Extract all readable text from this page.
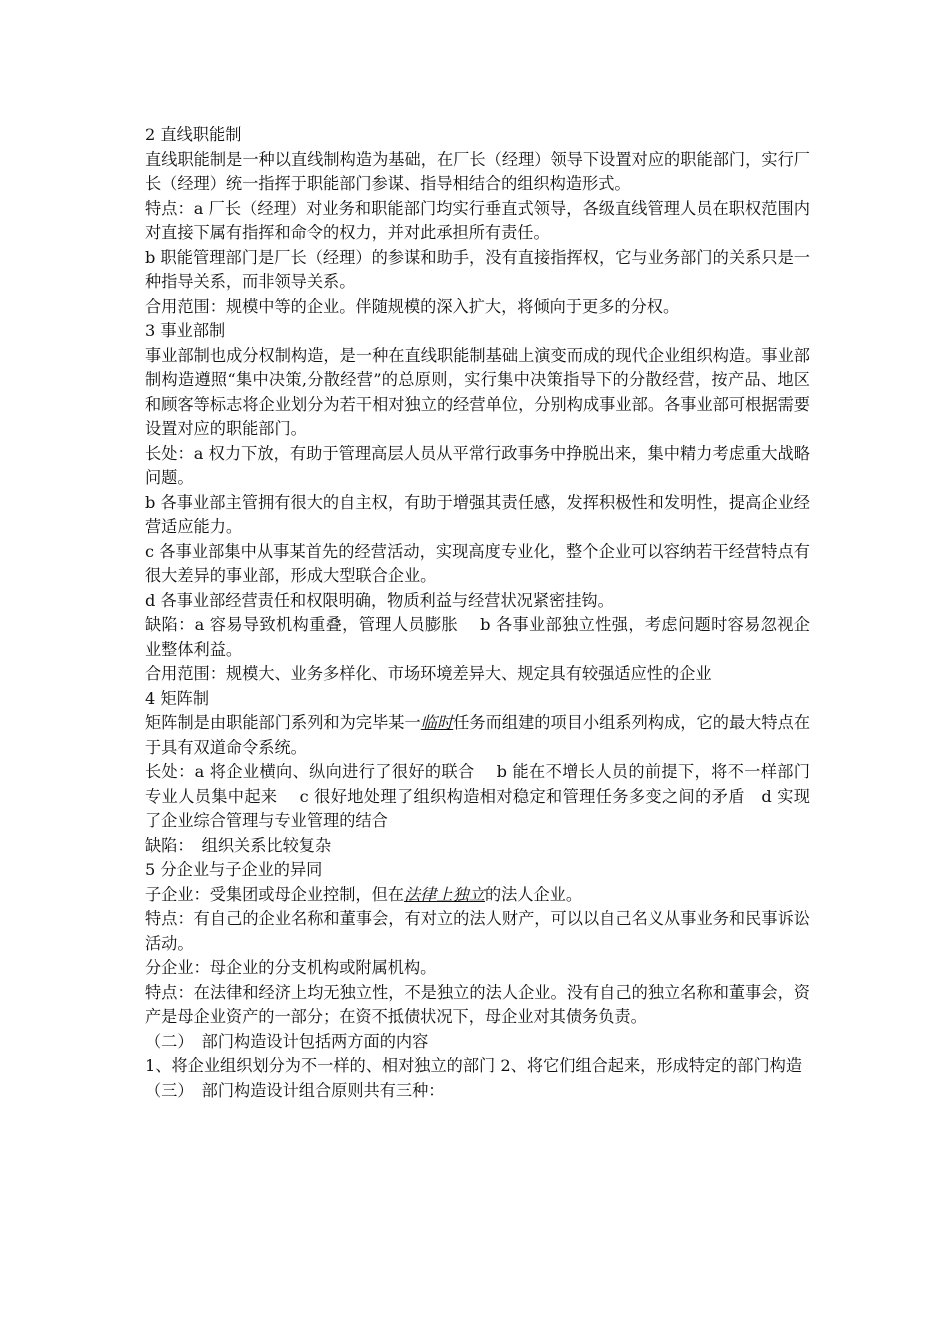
2 直线职能制

直线职能制是一种以直线制构造为基础，在厂长（经理）领导下设置对应的职能部门，实行厂长（经理）统一指挥于职能部门参谋、指导相结合的组织构造形式。

特点：a 厂长（经理）对业务和职能部门均实行垂直式领导，各级直线管理人员在职权范围内对直接下属有指挥和命令的权力，并对此承担所有责任。

b 职能管理部门是厂长（经理）的参谋和助手，没有直接指挥权，它与业务部门的关系只是一种指导关系，而非领导关系。

合用范围：规模中等的企业。伴随规模的深入扩大，将倾向于更多的分权。

3 事业部制

事业部制也成分权制构造，是一种在直线职能制基础上演变而成的现代企业组织构造。事业部制构造遵照“集中决策,分散经营”的总原则，实行集中决策指导下的分散经营，按产品、地区和顾客等标志将企业划分为若干相对独立的经营单位，分别构成事业部。各事业部可根据需要设置对应的职能部门。

长处：a 权力下放，有助于管理高层人员从平常行政事务中挣脱出来，集中精力考虑重大战略问题。

b 各事业部主管拥有很大的自主权，有助于增强其责任感，发挥积极性和发明性，提高企业经营适应能力。

c 各事业部集中从事某首先的经营活动，实现高度专业化，整个企业可以容纳若干经营特点有很大差异的事业部，形成大型联合企业。

d 各事业部经营责任和权限明确，物质利益与经营状况紧密挂钩。

缺陷：a 容易导致机构重叠，管理人员膨胀　 b 各事业部独立性强，考虑问题时容易忽视企业整体利益。

合用范围：规模大、业务多样化、市场环境差异大、规定具有较强适应性的企业

4 矩阵制

矩阵制是由职能部门系列和为完毕某一临时任务而组建的项目小组系列构成，它的最大特点在于具有双道命令系统。

长处：a 将企业横向、纵向进行了很好的联合　 b 能在不增长人员的前提下，将不一样部门专业人员集中起来　 c 很好地处理了组织构造相对稳定和管理任务多变之间的矛盾　d 实现了企业综合管理与专业管理的结合

缺陷：　组织关系比较复杂

5 分企业与子企业的异同

子企业：受集团或母企业控制，但在法律上独立的法人企业。

特点：有自己的企业名称和董事会，有对立的法人财产，可以以自己名义从事业务和民事诉讼活动。

分企业：母企业的分支机构或附属机构。

特点：在法律和经济上均无独立性，不是独立的法人企业。没有自己的独立名称和董事会，资产是母企业资产的一部分；在资不抵债状况下，母企业对其债务负责。

（二）　部门构造设计包括两方面的内容

1、将企业组织划分为不一样的、相对独立的部门 2、将它们组合起来，形成特定的部门构造

（三）　部门构造设计组合原则共有三种：
